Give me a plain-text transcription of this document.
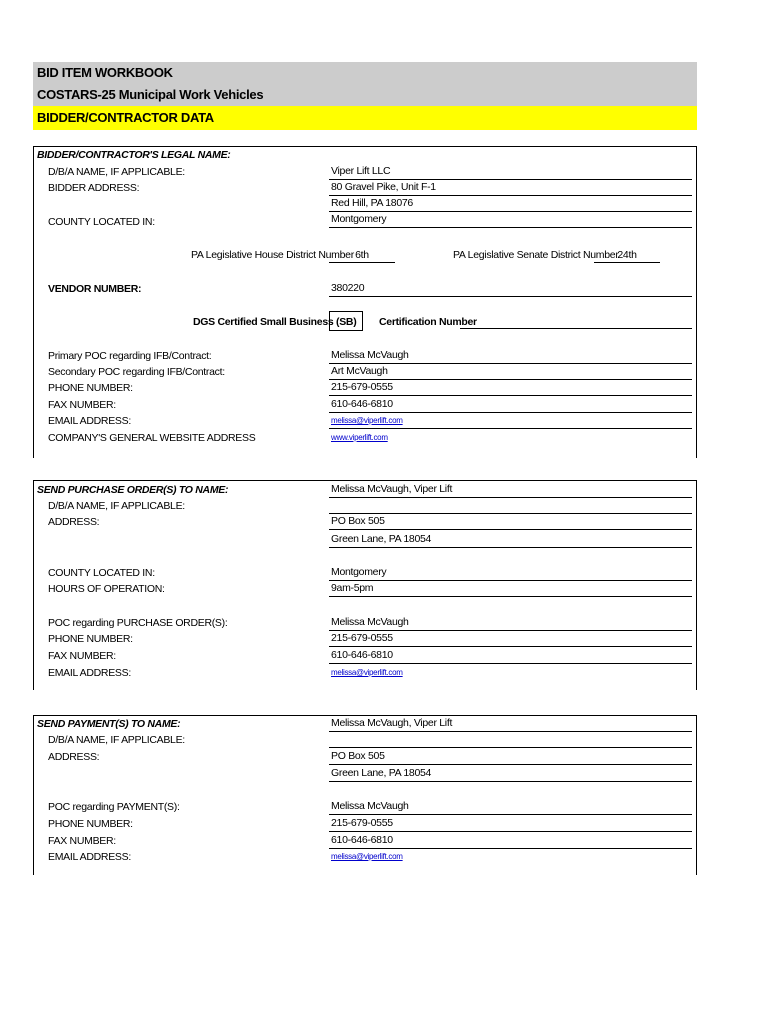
BID ITEM WORKBOOK
COSTARS-25 Municipal Work Vehicles
BIDDER/CONTRACTOR DATA
BIDDER/CONTRACTOR'S LEGAL NAME:
D/B/A NAME, IF APPLICABLE:
BIDDER ADDRESS:
COUNTY LOCATED IN:
Viper Lift LLC
80 Gravel Pike, Unit F-1
Red Hill, PA 18076
Montgomery
PA Legislative House District Number 6th	PA Legislative Senate District Number
24th
VENDOR NUMBER:	380220
DGS Certified Small Business (SB) Certification Number
Primary POC regarding IFB/Contract:
Secondary POC regarding IFB/Contract:
PHONE NUMBER:
FAX NUMBER:
EMAIL ADDRESS:
COMPANY'S GENERAL WEBSITE ADDRESS
Melissa McVaugh
Art McVaugh
215-679-0555
610-646-6810
melissa@viperlift.com
www.viperlift.com
SEND PURCHASE ORDER(S) TO NAME:
D/B/A NAME, IF APPLICABLE:
ADDRESS:
COUNTY LOCATED IN:
HOURS OF OPERATION:
POC regarding PURCHASE ORDER(S):
PHONE NUMBER:
FAX NUMBER:
EMAIL ADDRESS:
Melissa McVaugh, Viper Lift
PO Box 505
Green Lane, PA 18054
Montgomery
9am-5pm
Melissa McVaugh
215-679-0555
610-646-6810
melissa@viperlift.com
SEND PAYMENT(S) TO NAME:
D/B/A NAME, IF APPLICABLE:
ADDRESS:
POC regarding PAYMENT(S):
PHONE NUMBER:
FAX NUMBER:
EMAIL ADDRESS:
Melissa McVaugh, Viper Lift
PO Box 505
Green Lane, PA 18054
Melissa McVaugh
215-679-0555
610-646-6810
melissa@viperlift.com
